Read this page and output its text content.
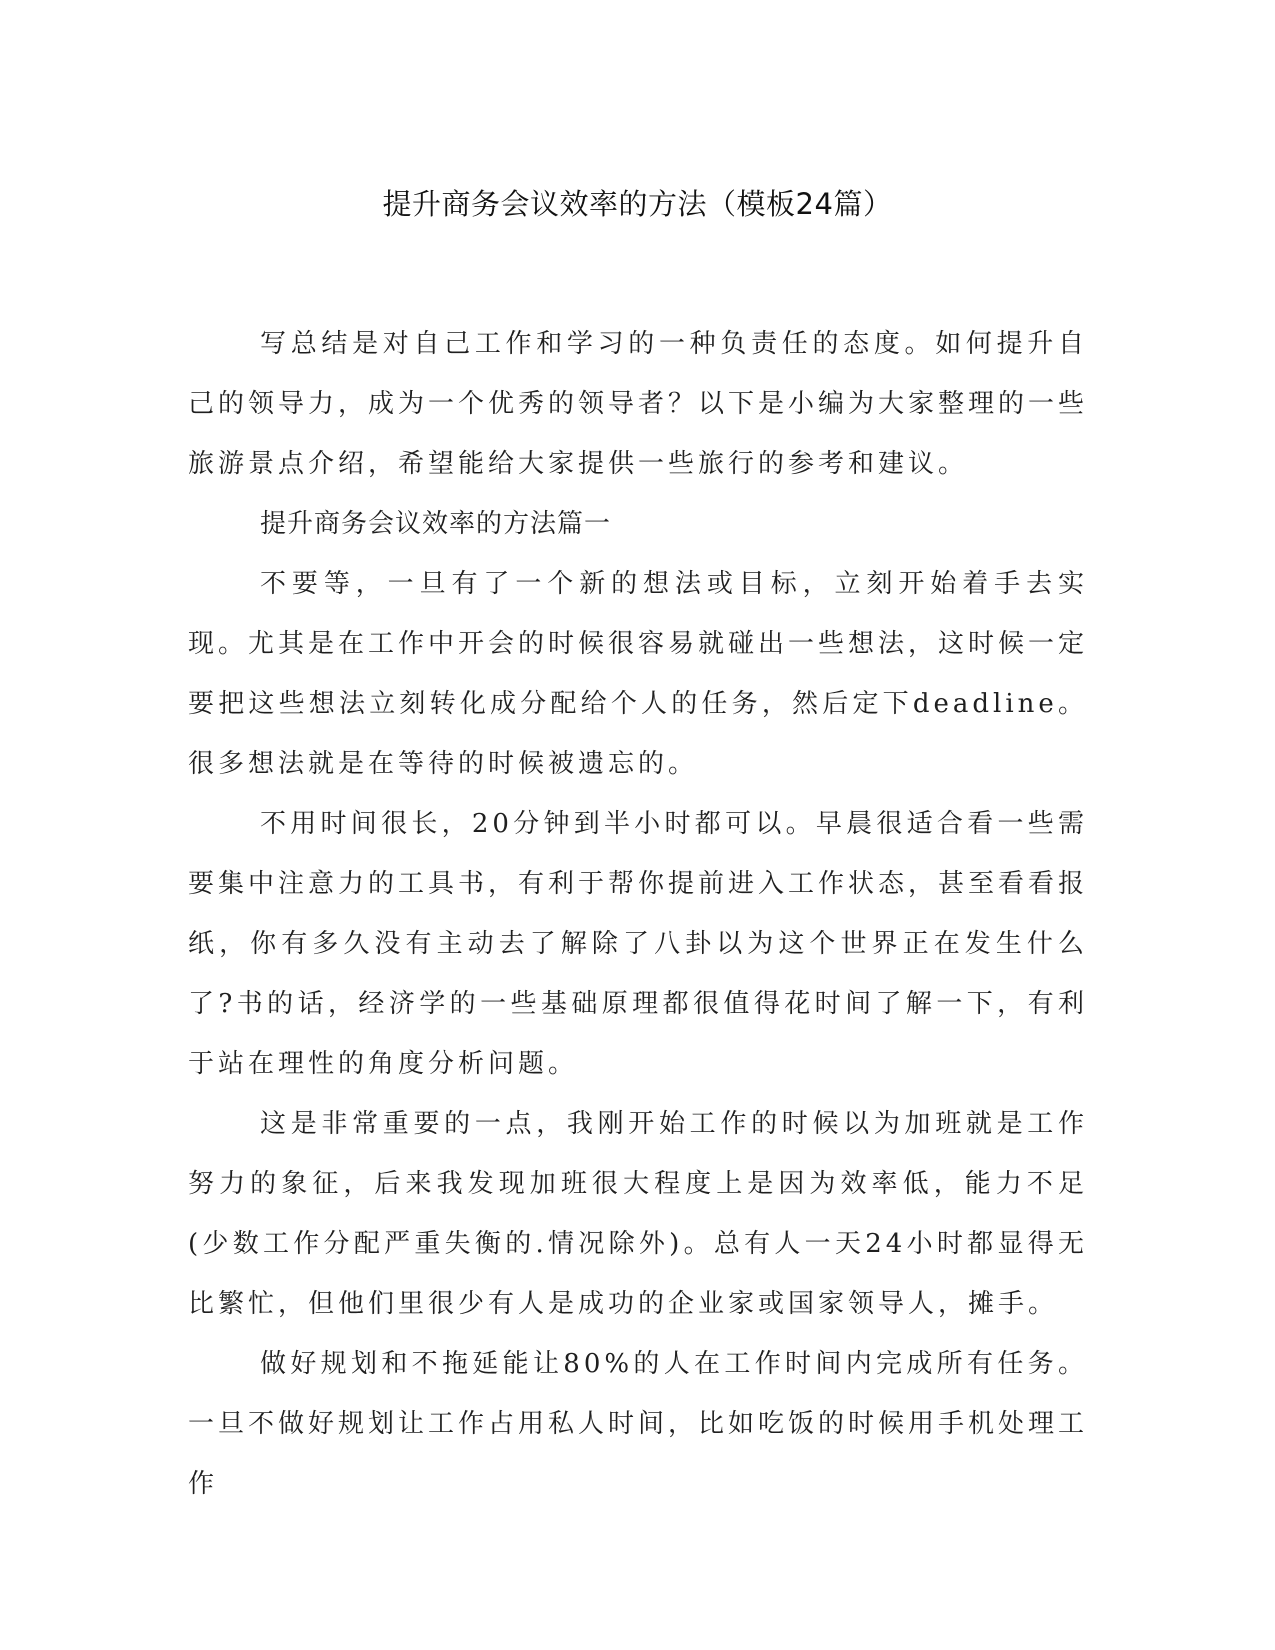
提升商务会议效率的方法（模板24篇）

写总结是对自己工作和学习的一种负责任的态度。如何提升自己的领导力，成为一个优秀的领导者？以下是小编为大家整理的一些旅游景点介绍，希望能给大家提供一些旅行的参考和建议。

提升商务会议效率的方法篇一

不要等，一旦有了一个新的想法或目标，立刻开始着手去实现。尤其是在工作中开会的时候很容易就碰出一些想法，这时候一定要把这些想法立刻转化成分配给个人的任务，然后定下deadline。很多想法就是在等待的时候被遗忘的。

不用时间很长，20分钟到半小时都可以。早晨很适合看一些需要集中注意力的工具书，有利于帮你提前进入工作状态，甚至看看报纸，你有多久没有主动去了解除了八卦以为这个世界正在发生什么了?书的话，经济学的一些基础原理都很值得花时间了解一下，有利于站在理性的角度分析问题。

这是非常重要的一点，我刚开始工作的时候以为加班就是工作努力的象征，后来我发现加班很大程度上是因为效率低，能力不足(少数工作分配严重失衡的.情况除外)。总有人一天24小时都显得无比繁忙，但他们里很少有人是成功的企业家或国家领导人，摊手。

做好规划和不拖延能让80%的人在工作时间内完成所有任务。一旦不做好规划让工作占用私人时间，比如吃饭的时候用手机处理工作
